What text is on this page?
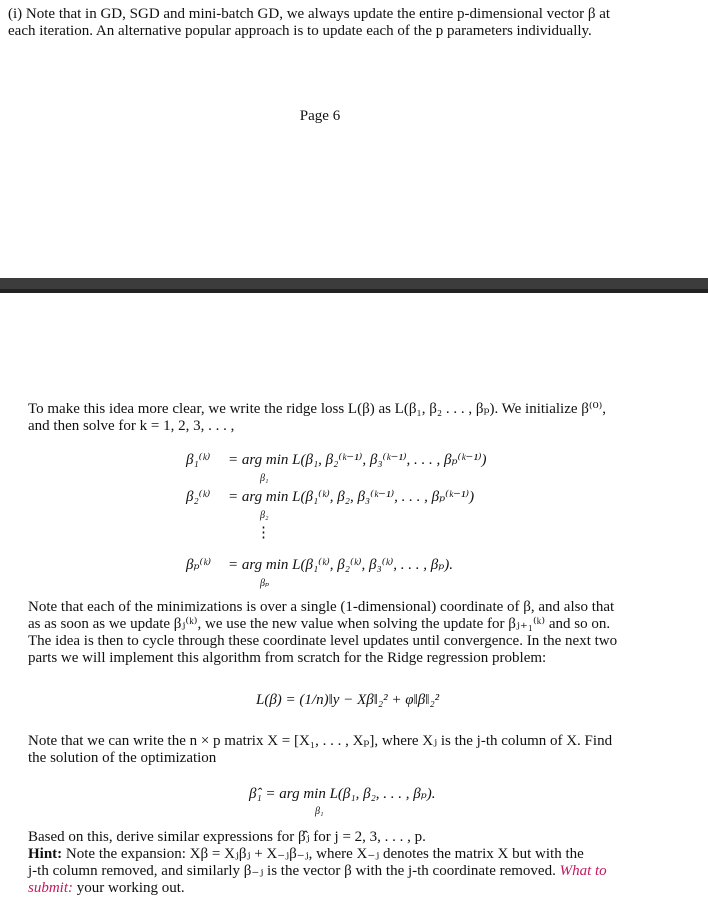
(i) Note that in GD, SGD and mini-batch GD, we always update the entire p-dimensional vector β at
each iteration. An alternative popular approach is to update each of the p parameters individually.
Page 6
To make this idea more clear, we write the ridge loss L(β) as L(β₁, β₂ . . . , βₚ). We initialize β⁽⁰⁾,
and then solve for k = 1, 2, 3, . . . ,
β₁⁽ᵏ⁾ = arg min L(β₁, β₂⁽ᵏ⁻¹⁾, β₃⁽ᵏ⁻¹⁾, . . . , βₚ⁽ᵏ⁻¹⁾)
β₁
β₂⁽ᵏ⁾ = arg min L(β₁⁽ᵏ⁾, β₂, β₃⁽ᵏ⁻¹⁾, . . . , βₚ⁽ᵏ⁻¹⁾)
β₂
⋮
βₚ⁽ᵏ⁾ = arg min L(β₁⁽ᵏ⁾, β₂⁽ᵏ⁾, β₃⁽ᵏ⁾, . . . , βₚ).
βₚ
Note that each of the minimizations is over a single (1-dimensional) coordinate of β, and also that
as as soon as we update βⱼ⁽ᵏ⁾, we use the new value when solving the update for βⱼ₊₁⁽ᵏ⁾ and so on.
The idea is then to cycle through these coordinate level updates until convergence. In the next two
parts we will implement this algorithm from scratch for the Ridge regression problem:
L(β) = (1/n)‖y − Xβ‖₂² + φ‖β‖₂²
Note that we can write the n × p matrix X = [X₁, . . . , Xₚ], where Xⱼ is the j-th column of X. Find
the solution of the optimization
β̂₁ = arg min L(β₁, β₂, . . . , βₚ).
β₁
Based on this, derive similar expressions for β̂ⱼ for j = 2, 3, . . . , p.
Hint: Note the expansion: Xβ = Xⱼβⱼ + X₋ⱼβ₋ⱼ, where X₋ⱼ denotes the matrix X but with the
j-th column removed, and similarly β₋ⱼ is the vector β with the j-th coordinate removed. What to
submit: your working out.
